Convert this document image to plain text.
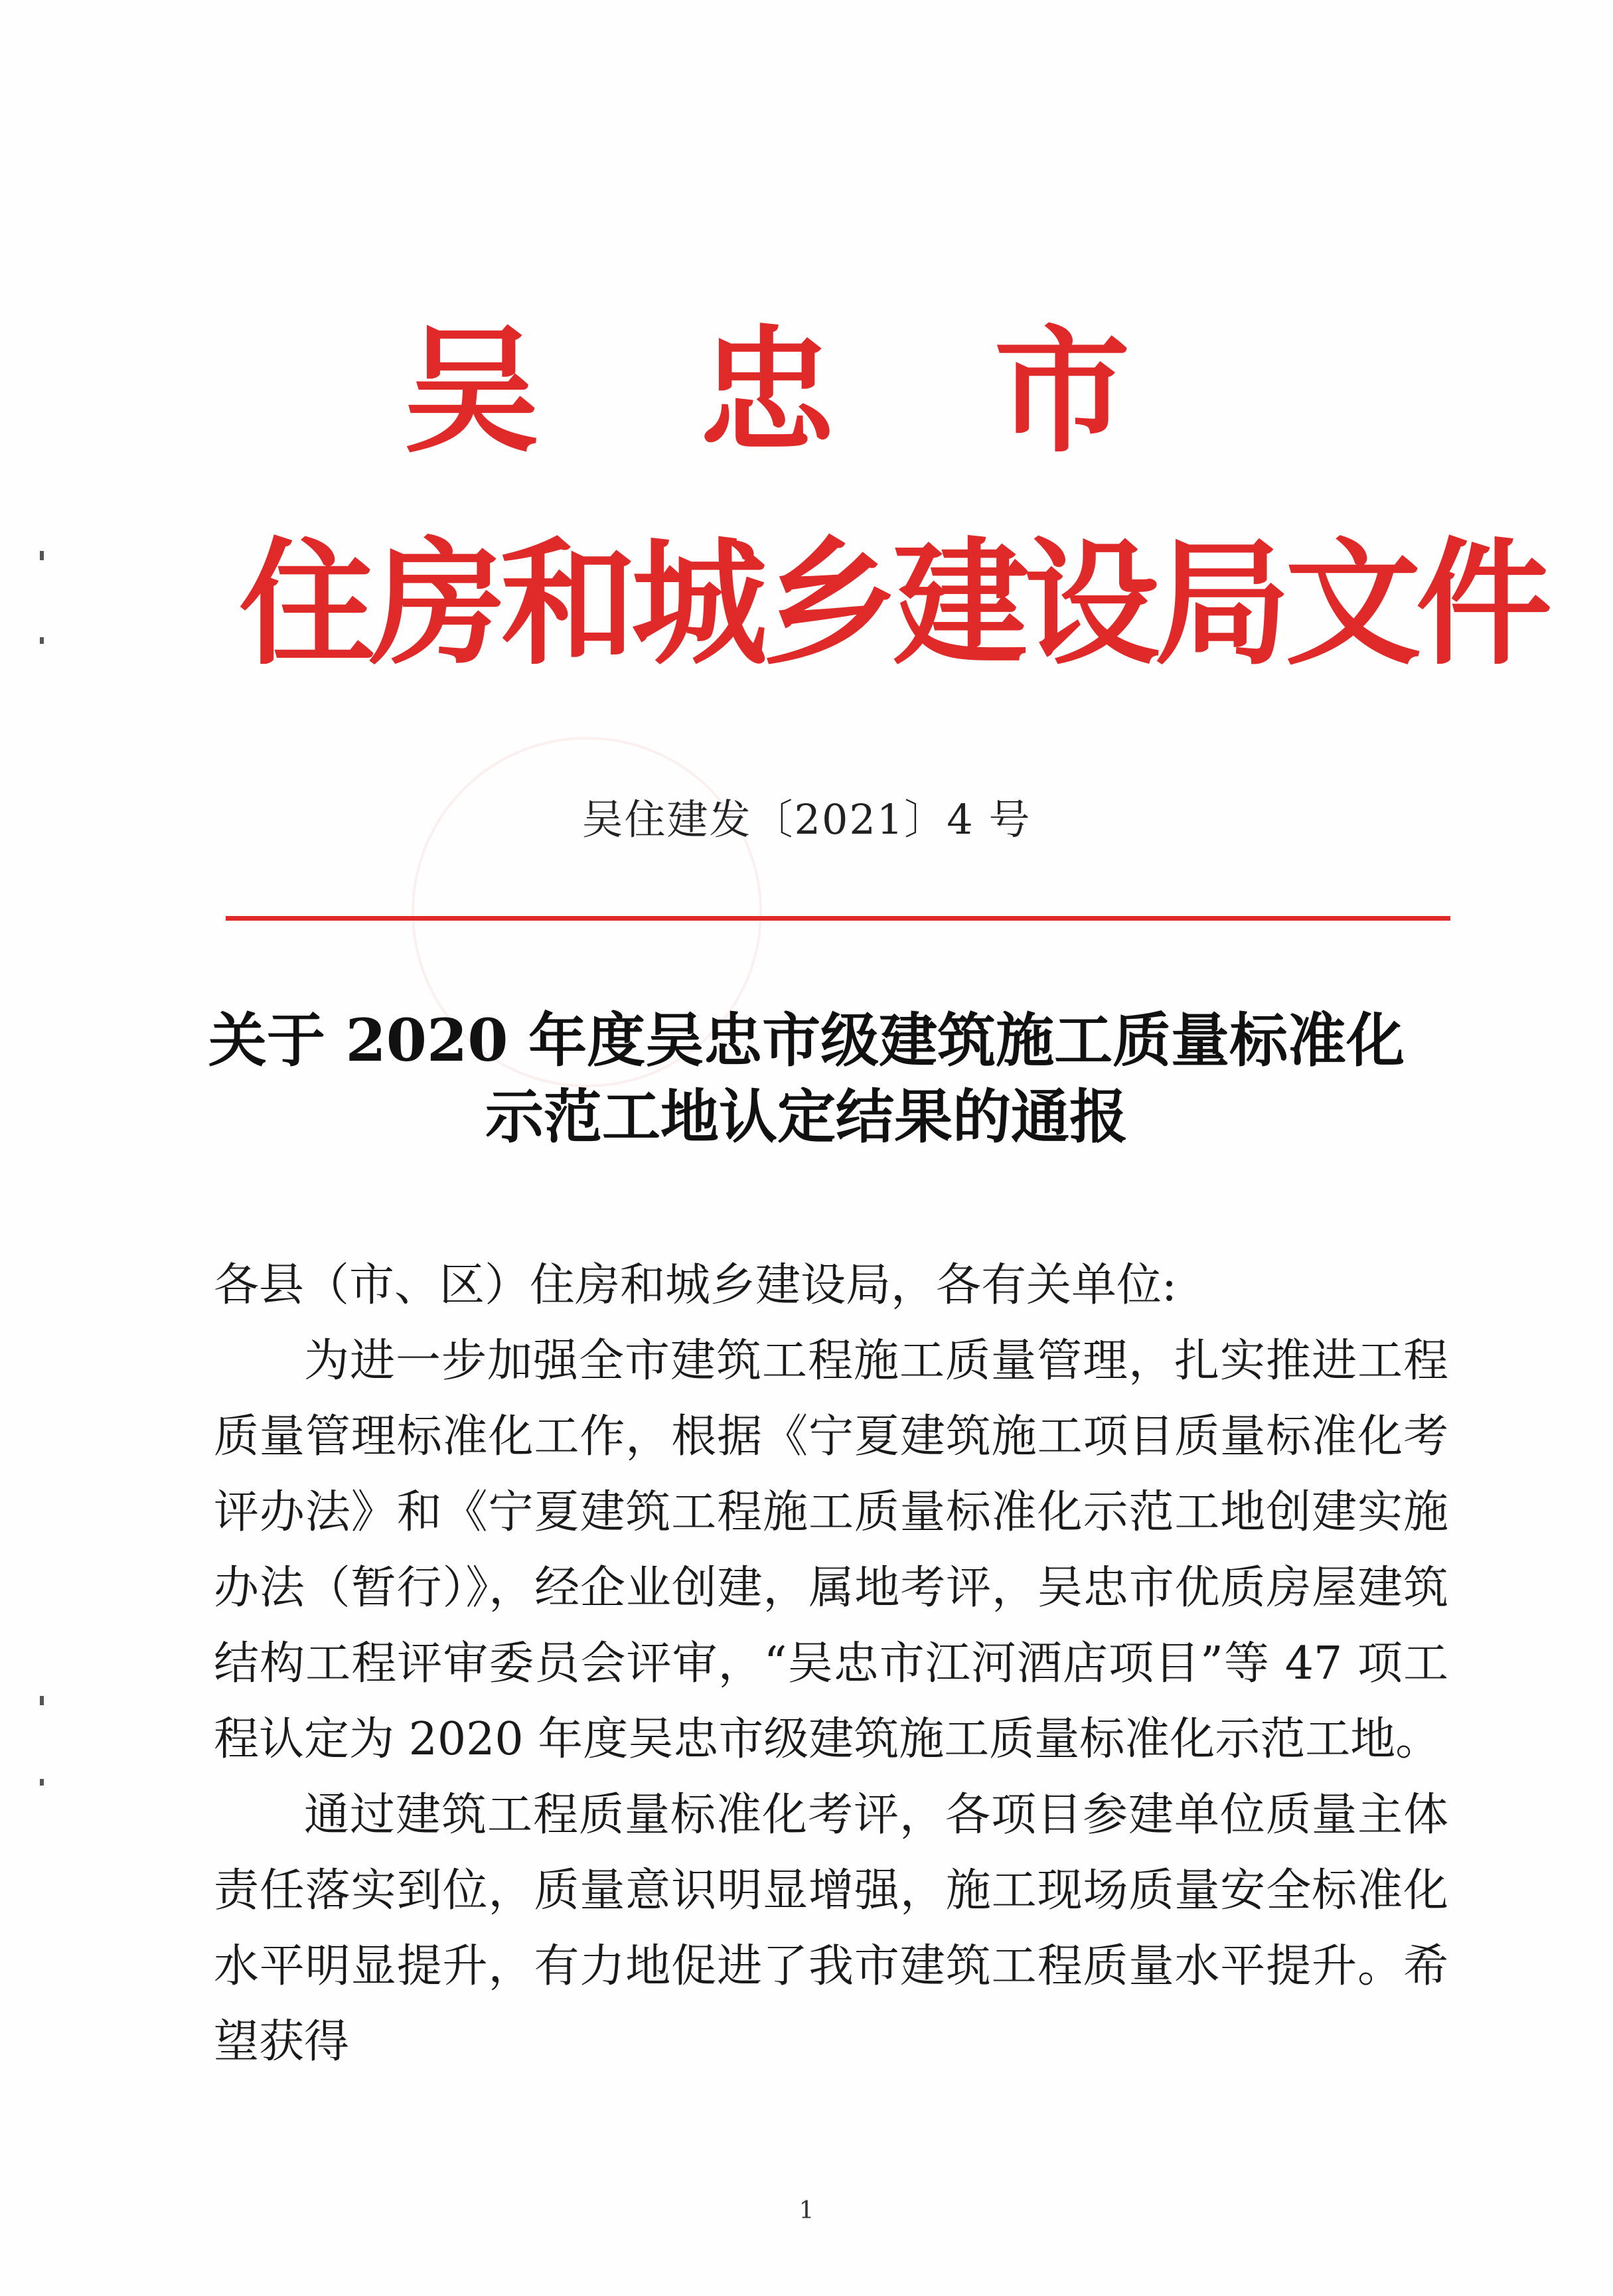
吴忠市
住房和城乡建设局文件
吴住建发〔2021〕4 号
关于 2020 年度吴忠市级建筑施工质量标准化
示范工地认定结果的通报

各县（市、区）住房和城乡建设局，各有关单位:

为进一步加强全市建筑工程施工质量管理，扎实推进工程质量管理标准化工作，根据《宁夏建筑施工项目质量标准化考评办法》和《宁夏建筑工程施工质量标准化示范工地创建实施办法（暂行）》，经企业创建，属地考评，吴忠市优质房屋建筑结构工程评审委员会评审，“吴忠市江河酒店项目”等 47 项工程认定为 2020 年度吴忠市级建筑施工质量标准化示范工地。

通过建筑工程质量标准化考评，各项目参建单位质量主体责任落实到位，质量意识明显增强，施工现场质量安全标准化水平明显提升，有力地促进了我市建筑工程质量水平提升。希望获得

1
